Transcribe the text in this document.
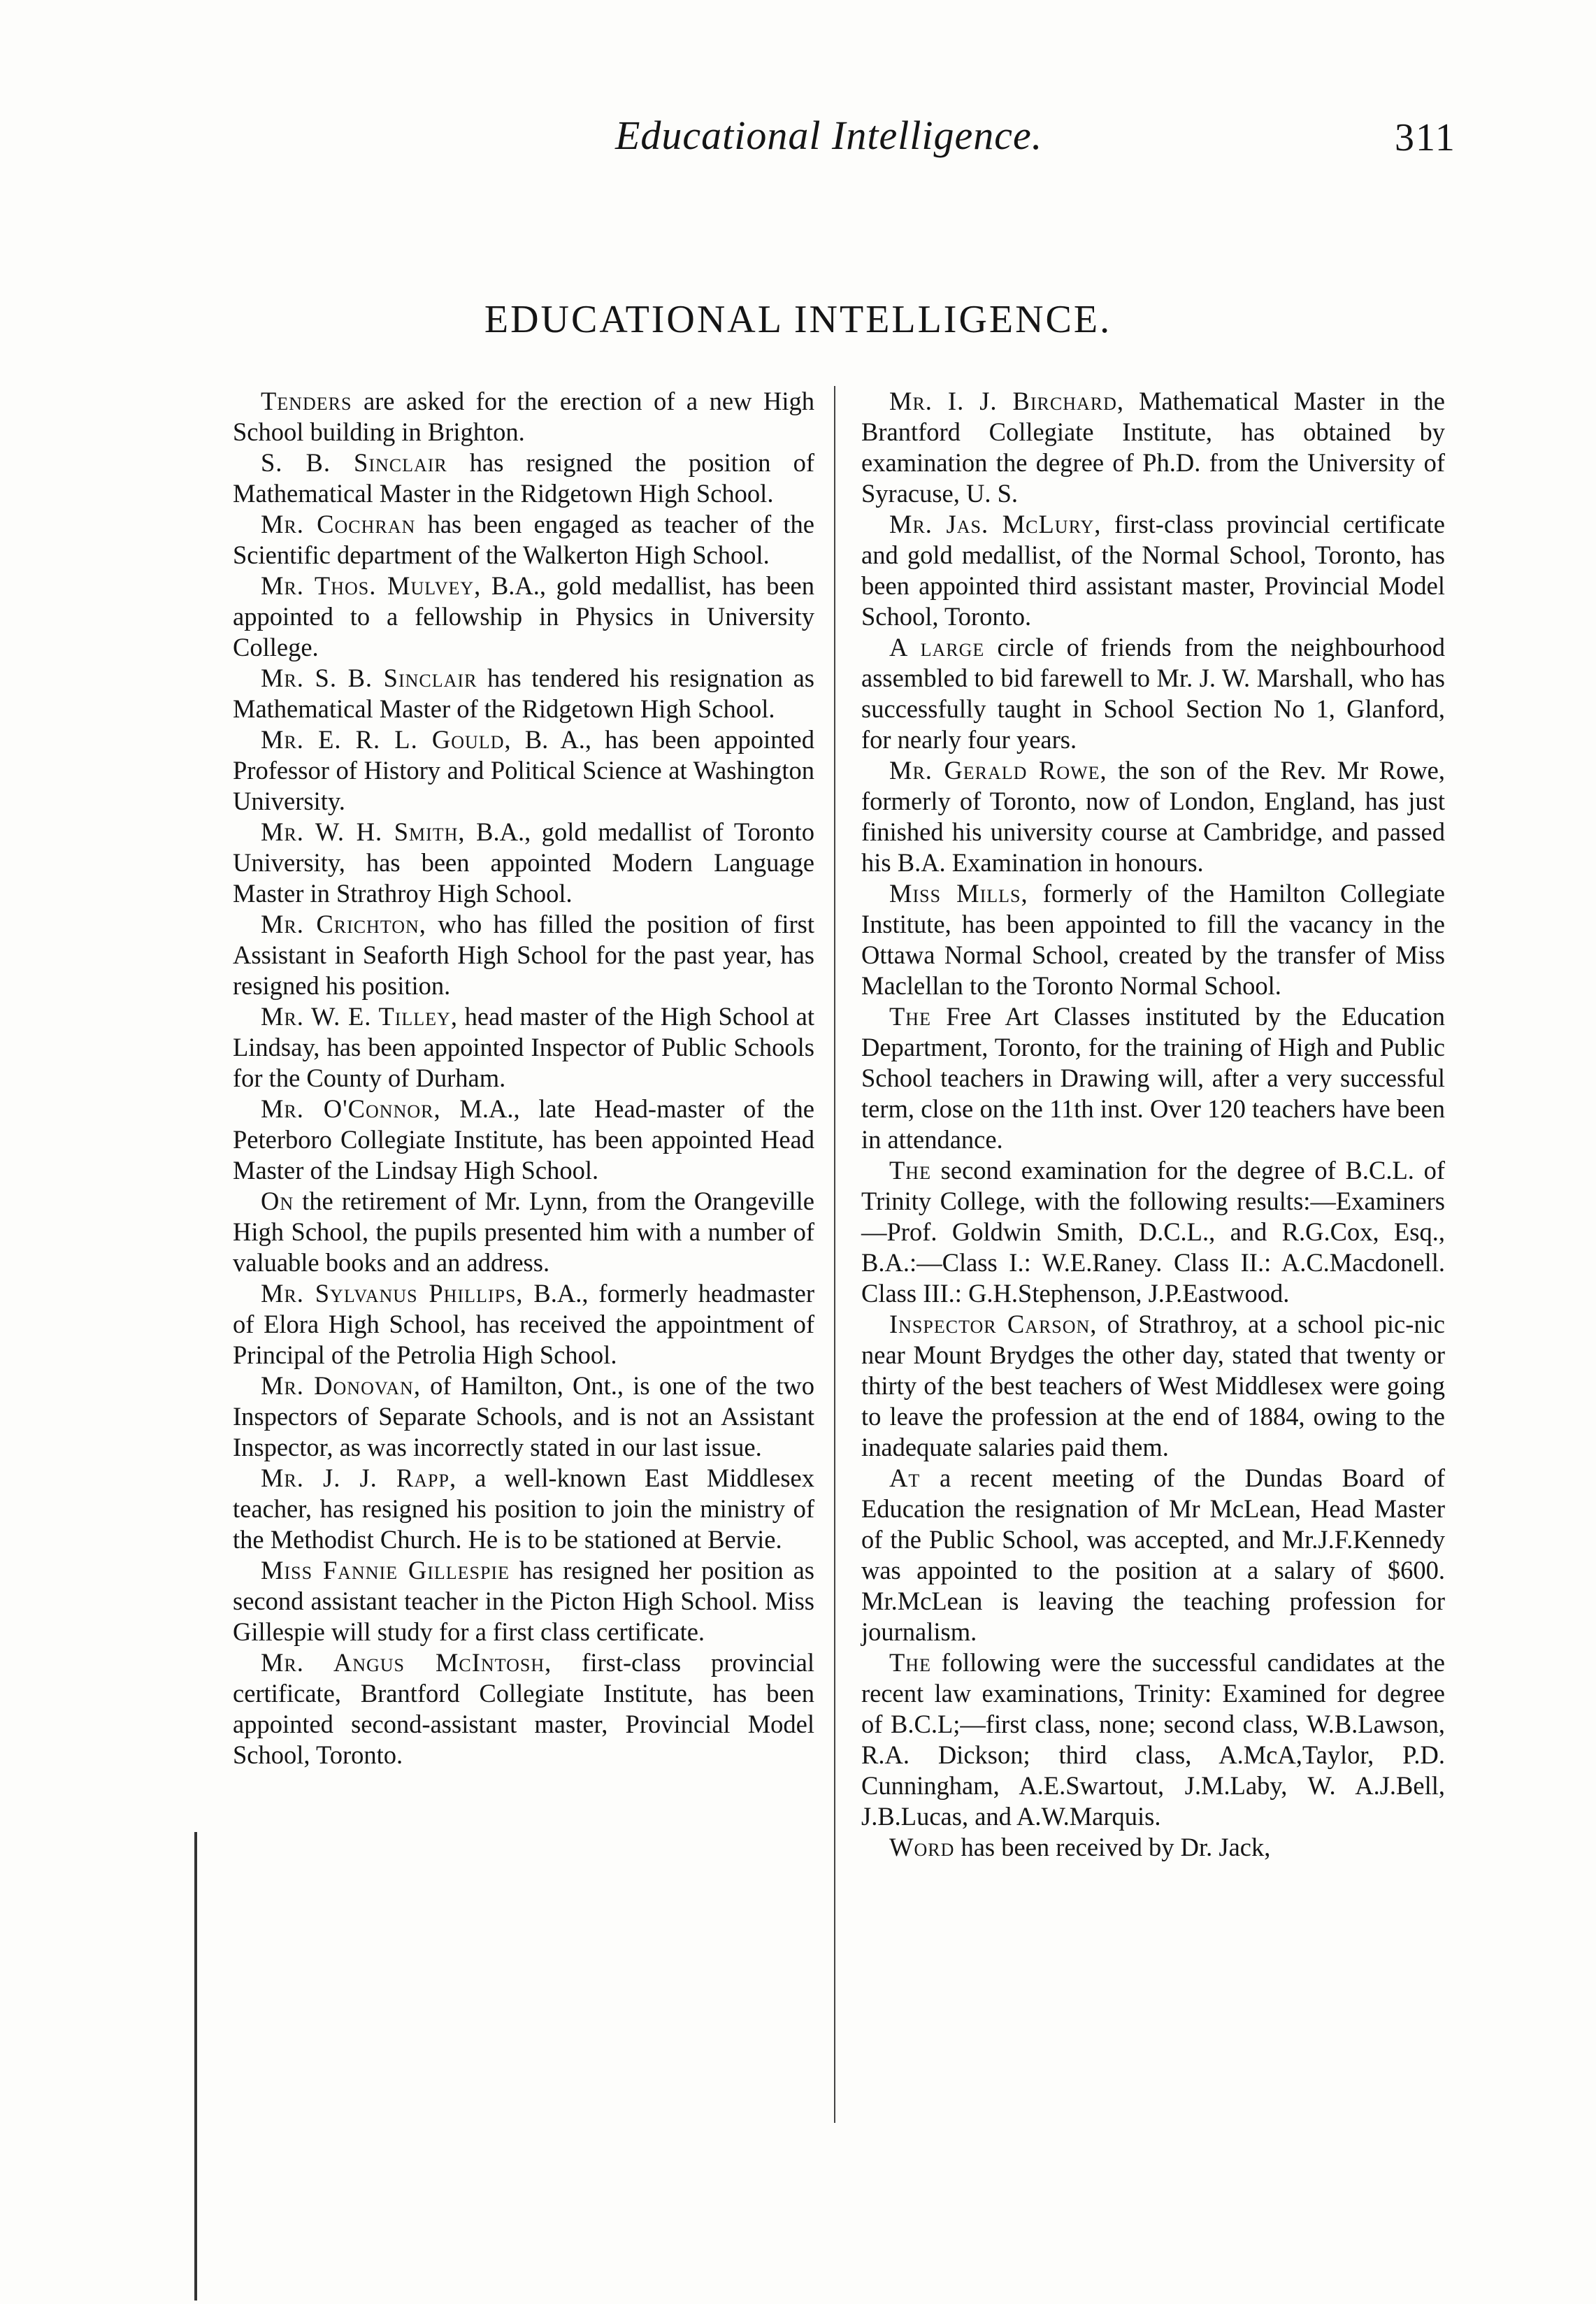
Educational Intelligence.	311
EDUCATIONAL INTELLIGENCE.

Tenders are asked for the erection of a new High School building in Brighton.

S. B. Sinclair has resigned the position of Mathematical Master in the Ridgetown High School.

Mr. Cochran has been engaged as teacher of the Scientific department of the Walkerton High School.

Mr. Thos. Mulvey, B.A., gold medallist, has been appointed to a fellowship in Physics in University College.

Mr. S. B. Sinclair has tendered his resignation as Mathematical Master of the Ridgetown High School.

Mr. E. R. L. Gould, B. A., has been appointed Professor of History and Political Science at Washington University.

Mr. W. H. Smith, B.A., gold medallist of Toronto University, has been appointed Modern Language Master in Strathroy High School.

Mr. Crichton, who has filled the position of first Assistant in Seaforth High School for the past year, has resigned his position.

Mr. W. E. Tilley, head master of the High School at Lindsay, has been appointed Inspector of Public Schools for the County of Durham.

Mr. O'Connor, M.A., late Head-master of the Peterboro Collegiate Institute, has been appointed Head Master of the Lindsay High School.

On the retirement of Mr. Lynn, from the Orangeville High School, the pupils presented him with a number of valuable books and an address.

Mr. Sylvanus Phillips, B.A., formerly headmaster of Elora High School, has received the appointment of Principal of the Petrolia High School.

Mr. Donovan, of Hamilton, Ont., is one of the two Inspectors of Separate Schools, and is not an Assistant Inspector, as was incorrectly stated in our last issue.

Mr. J. J. Rapp, a well-known East Middlesex teacher, has resigned his position to join the ministry of the Methodist Church. He is to be stationed at Bervie.

Miss Fannie Gillespie has resigned her position as second assistant teacher in the Picton High School. Miss Gillespie will study for a first class certificate.

Mr. Angus McIntosh, first-class provincial certificate, Brantford Collegiate Institute, has been appointed second-assistant master, Provincial Model School, Toronto.

Mr. I. J. Birchard, Mathematical Master in the Brantford Collegiate Institute, has obtained by examination the degree of Ph.D. from the University of Syracuse, U. S.

Mr. Jas. McLury, first-class provincial certificate and gold medallist, of the Normal School, Toronto, has been appointed third assistant master, Provincial Model School, Toronto.

A large circle of friends from the neighbourhood assembled to bid farewell to Mr. J. W. Marshall, who has successfully taught in School Section No 1, Glanford, for nearly four years.

Mr. Gerald Rowe, the son of the Rev. Mr Rowe, formerly of Toronto, now of London, England, has just finished his university course at Cambridge, and passed his B.A. Examination in honours.

Miss Mills, formerly of the Hamilton Collegiate Institute, has been appointed to fill the vacancy in the Ottawa Normal School, created by the transfer of Miss Maclellan to the Toronto Normal School.

The Free Art Classes instituted by the Education Department, Toronto, for the training of High and Public School teachers in Drawing will, after a very successful term, close on the 11th inst. Over 120 teachers have been in attendance.

The second examination for the degree of B.C.L. of Trinity College, with the following results:—Examiners—Prof. Goldwin Smith, D.C.L., and R.G.Cox, Esq., B.A.:—Class I.: W.E.Raney. Class II.: A.C.Macdonell. Class III.: G.H.Stephenson, J.P.Eastwood.

Inspector Carson, of Strathroy, at a school pic-nic near Mount Brydges the other day, stated that twenty or thirty of the best teachers of West Middlesex were going to leave the profession at the end of 1884, owing to the inadequate salaries paid them.

At a recent meeting of the Dundas Board of Education the resignation of Mr McLean, Head Master of the Public School, was accepted, and Mr.J.F.Kennedy was appointed to the position at a salary of $600. Mr.McLean is leaving the teaching profession for journalism.

The following were the successful candidates at the recent law examinations, Trinity: Examined for degree of B.C.L;—first class, none; second class, W.B.Lawson, R.A. Dickson; third class, A.McA,Taylor, P.D. Cunningham, A.E.Swartout, J.M.Laby, W. A.J.Bell, J.B.Lucas, and A.W.Marquis.

Word has been received by Dr. Jack,
